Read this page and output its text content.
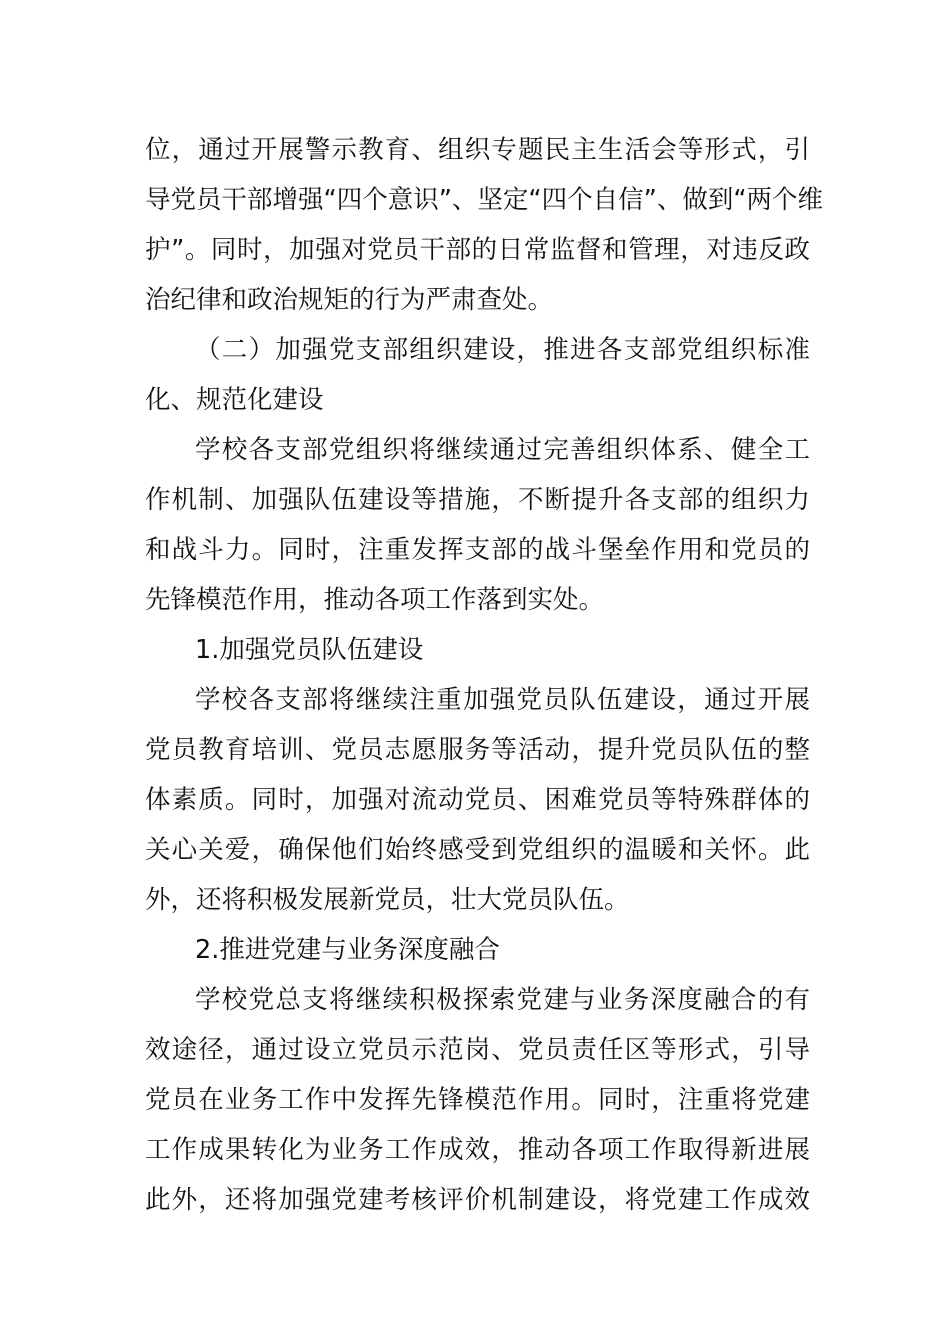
位，通过开展警示教育、组织专题民主生活会等形式，引
导党员干部增强“四个意识”、坚定“四个自信”、做到“两个维
护”。同时，加强对党员干部的日常监督和管理，对违反政
治纪律和政治规矩的行为严肃查处。
（二）加强党支部组织建设，推进各支部党组织标准
化、规范化建设
学校各支部党组织将继续通过完善组织体系、健全工
作机制、加强队伍建设等措施，不断提升各支部的组织力
和战斗力。同时，注重发挥支部的战斗堡垒作用和党员的
先锋模范作用，推动各项工作落到实处。
1.加强党员队伍建设
学校各支部将继续注重加强党员队伍建设，通过开展
党员教育培训、党员志愿服务等活动，提升党员队伍的整
体素质。同时，加强对流动党员、困难党员等特殊群体的
关心关爱，确保他们始终感受到党组织的温暖和关怀。此
外，还将积极发展新党员，壮大党员队伍。
2.推进党建与业务深度融合
学校党总支将继续积极探索党建与业务深度融合的有
效途径，通过设立党员示范岗、党员责任区等形式，引导
党员在业务工作中发挥先锋模范作用。同时，注重将党建
工作成果转化为业务工作成效，推动各项工作取得新进展
此外，还将加强党建考核评价机制建设，将党建工作成效
